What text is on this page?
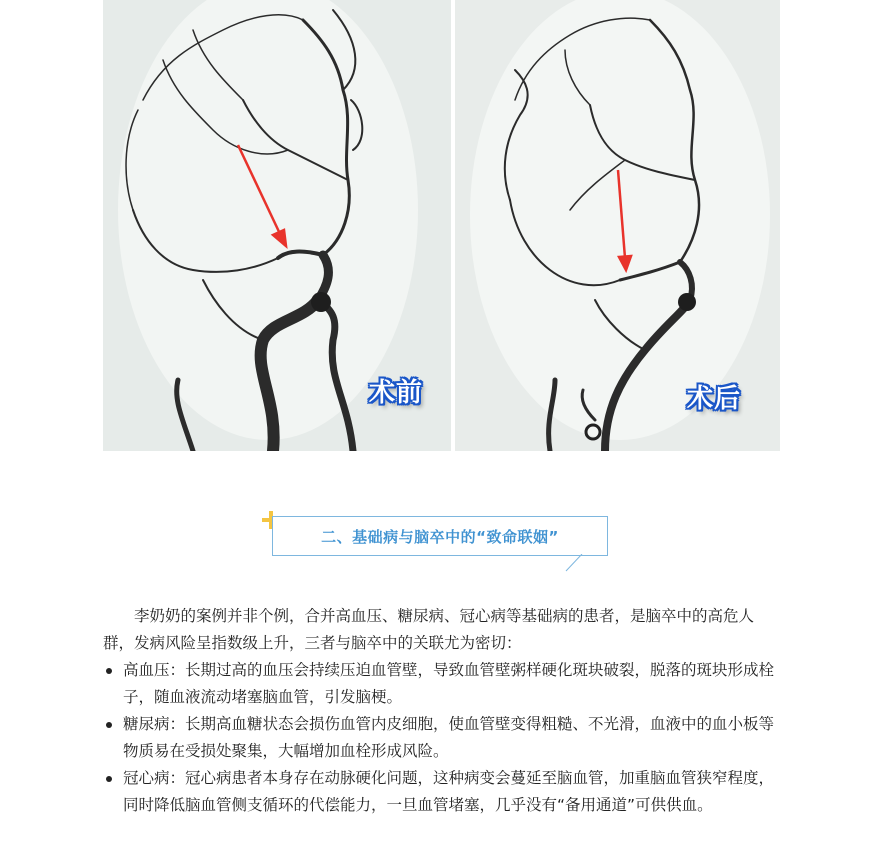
术前	术后
二、基础病与脑卒中的“致命联姻”

李奶奶的案例并非个例，合并高血压、糖尿病、冠心病等基础病的患者，是脑卒中的高危人群，发病风险呈指数级上升，三者与脑卒中的关联尤为密切：

高血压：长期过高的血压会持续压迫血管壁，导致血管壁粥样硬化斑块破裂，脱落的斑块形成栓子，随血液流动堵塞脑血管，引发脑梗。
糖尿病：长期高血糖状态会损伤血管内皮细胞，使血管壁变得粗糙、不光滑，血液中的血小板等物质易在受损处聚集，大幅增加血栓形成风险。
冠心病：冠心病患者本身存在动脉硬化问题，这种病变会蔓延至脑血管，加重脑血管狭窄程度，同时降低脑血管侧支循环的代偿能力，一旦血管堵塞，几乎没有“备用通道”可供供血。
